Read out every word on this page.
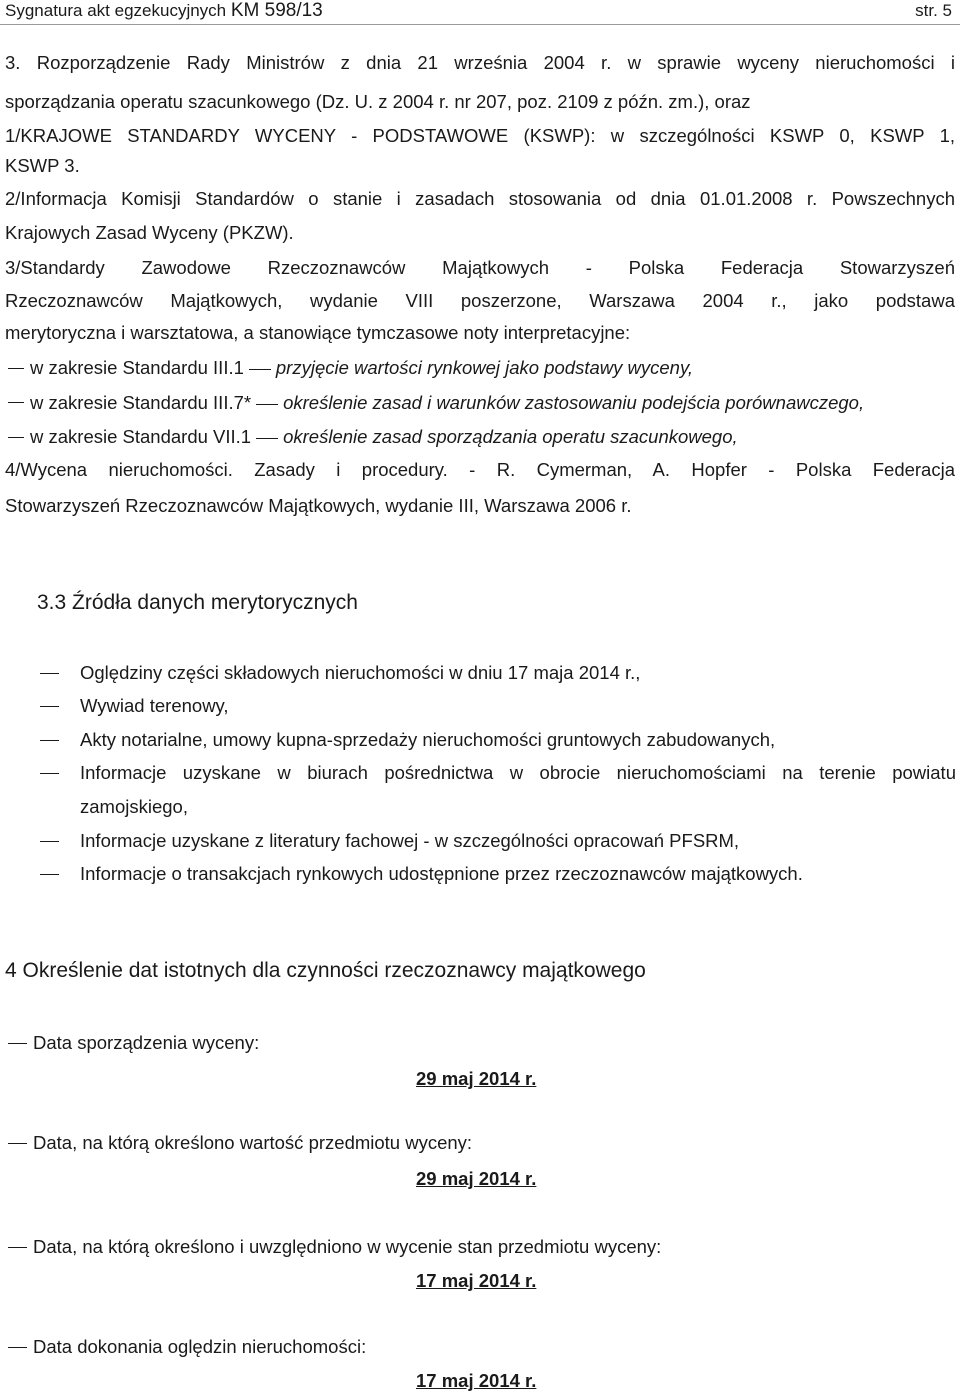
Sygnatura akt egzekucyjnych KM 598/13	str. 5
3. Rozporządzenie Rady Ministrów z dnia 21 września 2004 r. w sprawie wyceny nieruchomości i
sporządzania operatu szacunkowego (Dz. U. z 2004 r. nr 207, poz. 2109 z późn. zm.), oraz
1/KRAJOWE STANDARDY WYCENY - PODSTAWOWE (KSWP): w szczególności KSWP 0, KSWP 1,
KSWP 3.
2/Informacja Komisji Standardów o stanie i zasadach stosowania od dnia 01.01.2008 r. Powszechnych
Krajowych Zasad Wyceny (PKZW).
3/Standardy Zawodowe Rzeczoznawców Majątkowych - Polska Federacja Stowarzyszeń
Rzeczoznawców Majątkowych, wydanie VIII poszerzone, Warszawa 2004 r., jako podstawa
merytoryczna i warsztatowa, a stanowiące tymczasowe noty interpretacyjne:
w zakresie Standardu III.1 przyjęcie wartości rynkowej jako podstawy wyceny,
w zakresie Standardu III.7* określenie zasad i warunków zastosowaniu podejścia porównawczego,
w zakresie Standardu VII.1 określenie zasad sporządzania operatu szacunkowego,
4/Wycena nieruchomości. Zasady i procedury. - R. Cymerman, A. Hopfer - Polska Federacja
Stowarzyszeń Rzeczoznawców Majątkowych, wydanie III, Warszawa 2006 r.
3.3 Źródła danych merytorycznych
Oględziny części składowych nieruchomości w dniu 17 maja 2014 r.,
Wywiad terenowy,
Akty notarialne, umowy kupna-sprzedaży nieruchomości gruntowych zabudowanych,
Informacje uzyskane w biurach pośrednictwa w obrocie nieruchomościami na terenie powiatu
zamojskiego,
Informacje uzyskane z literatury fachowej - w szczególności opracowań PFSRM,
Informacje o transakcjach rynkowych udostępnione przez rzeczoznawców majątkowych.
4 Określenie dat istotnych dla czynności rzeczoznawcy majątkowego
Data sporządzenia wyceny:
29 maj 2014 r.
Data, na którą określono wartość przedmiotu wyceny:
29 maj 2014 r.
Data, na którą określono i uwzględniono w wycenie stan przedmiotu wyceny:
17 maj 2014 r.
Data dokonania oględzin nieruchomości:
17 maj 2014 r.
